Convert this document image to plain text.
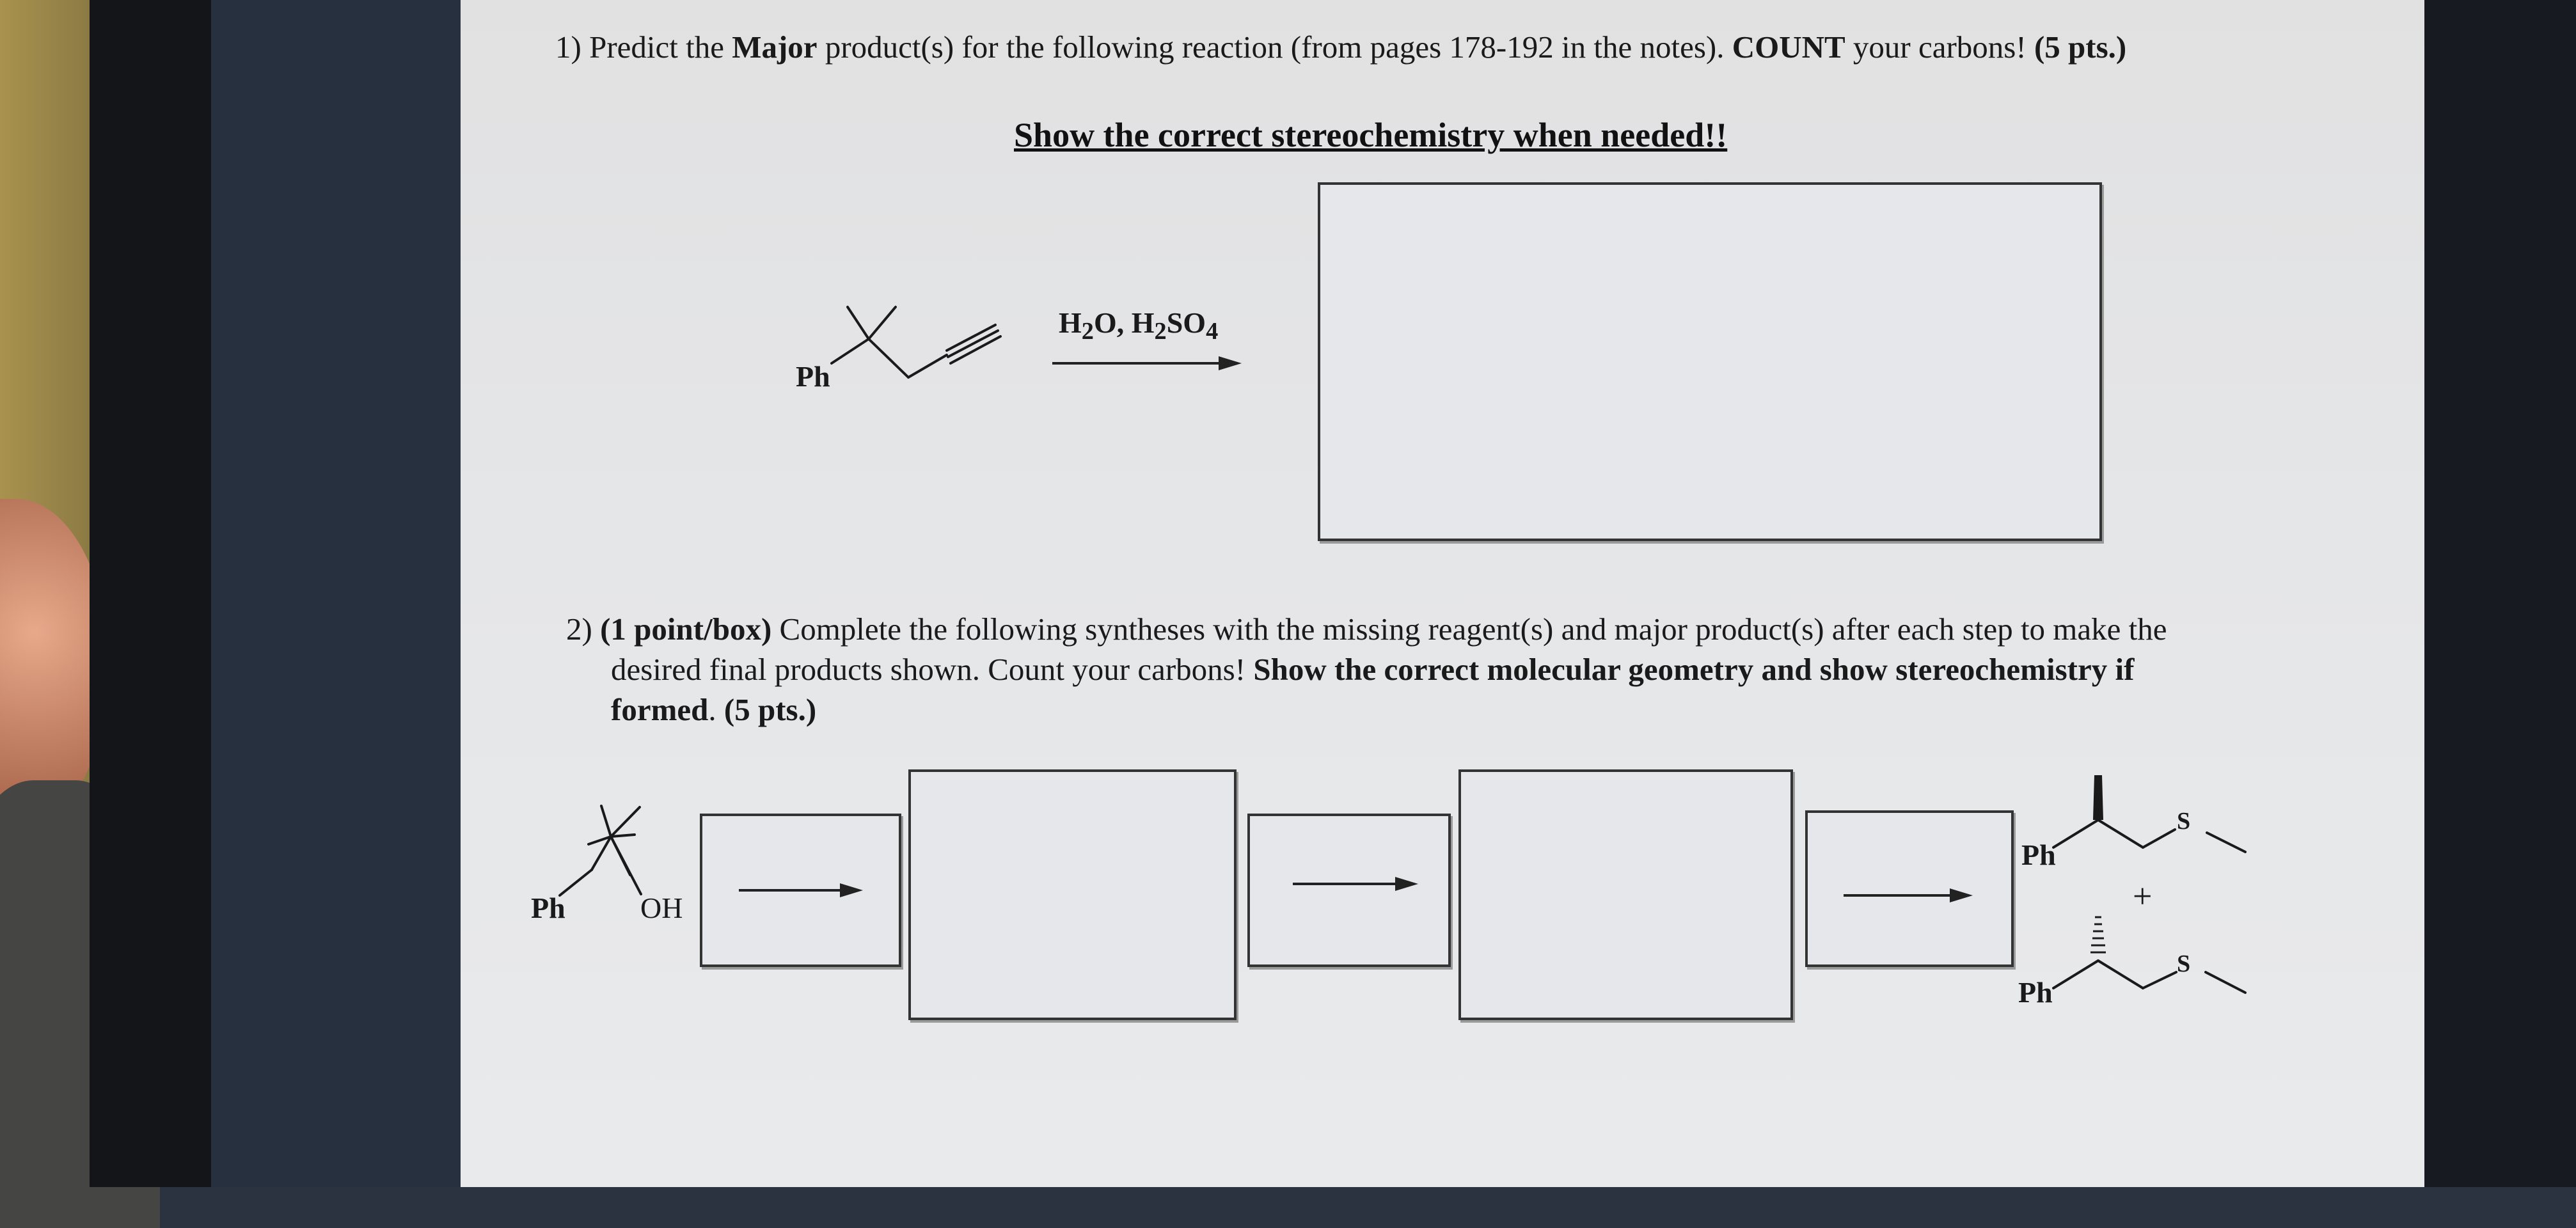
1) Predict the Major product(s) for the following reaction (from pages 178-192 in the notes). COUNT your carbons! (5 pts.)
Show the correct stereochemistry when needed!!
Ph
$H_2O$, $H_2SO_4$
2) (1 point/box) Complete the following syntheses with the missing reagent(s) and major product(s) after each step to make the
desired final products shown. Count your carbons! Show the correct molecular geometry and show stereochemistry if
formed. (5 pts.)
Ph	OH
Ph
S
+
Ph
S
